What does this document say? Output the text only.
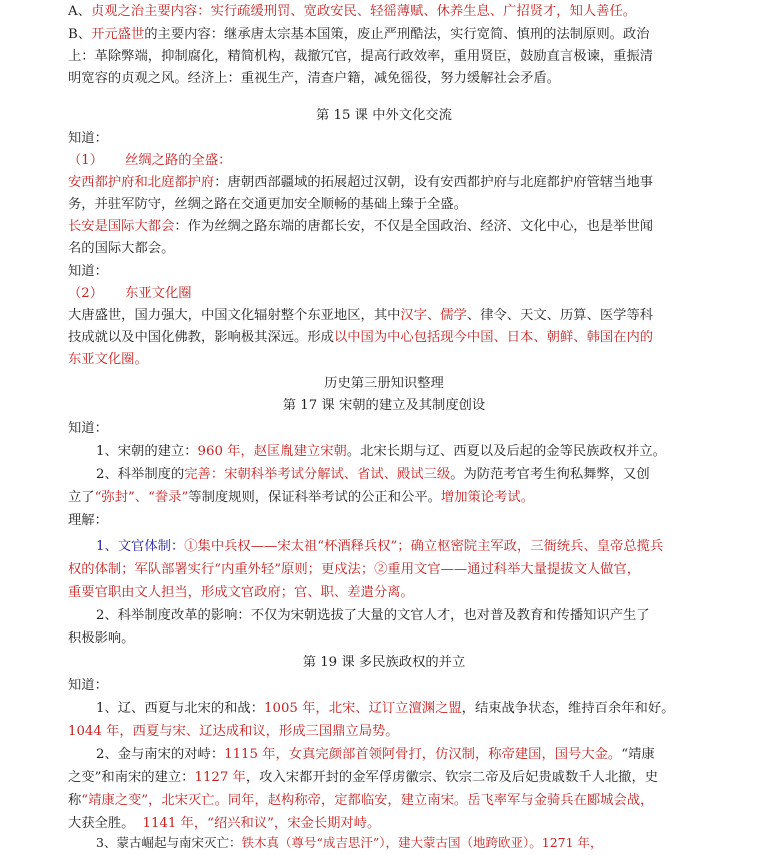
A、贞观之治主要内容：实行疏缓刑罚、宽政安民、轻徭薄赋、休养生息、广招贤才，知人善任。
B、开元盛世的主要内容：继承唐太宗基本国策，废止严刑酷法，实行宽简、慎刑的法制原则。政治
上：革除弊端，抑制腐化，精简机构，裁撤冗官，提高行政效率，重用贤臣，鼓励直言极谏，重振清
明宽容的贞观之风。经济上：重视生产，清查户籍，减免徭役，努力缓解社会矛盾。
第 15 课 中外文化交流
知道：
（1） 丝绸之路的全盛：
安西都护府和北庭都护府：唐朝西部疆域的拓展超过汉朝，设有安西都护府与北庭都护府管辖当地事
务，并驻军防守，丝绸之路在交通更加安全顺畅的基础上臻于全盛。
长安是国际大都会：作为丝绸之路东端的唐都长安，不仅是全国政治、经济、文化中心，也是举世闻
名的国际大都会。
知道：
（2） 东亚文化圈
大唐盛世，国力强大，中国文化辐射整个东亚地区，其中汉字、儒学、律令、天文、历算、医学等科
技成就以及中国化佛教，影响极其深远。形成以中国为中心包括现今中国、日本、朝鲜、韩国在内的
东亚文化圈。
历史第三册知识整理
第 17 课 宋朝的建立及其制度创设
知道：
1、宋朝的建立：960 年，赵匡胤建立宋朝。北宋长期与辽、西夏以及后起的金等民族政权并立。
2、科举制度的完善：宋朝科举考试分解试、省试、殿试三级。为防范考官考生徇私舞弊，又创
立了“弥封”、“誊录”等制度规则，保证科举考试的公正和公平。增加策论考试。
理解：
1、文官体制：①集中兵权——宋太祖“杯酒释兵权”；确立枢密院主军政，三衙统兵、皇帝总揽兵
权的体制；军队部署实行“内重外轻”原则；更戍法；②重用文官——通过科举大量提拔文人做官，
重要官职由文人担当，形成文官政府；官、职、差遣分离。
2、科举制度改革的影响：不仅为宋朝选拔了大量的文官人才，也对普及教育和传播知识产生了
积极影响。
第 19 课 多民族政权的并立
知道：
1、辽、西夏与北宋的和战：1005 年，北宋、辽订立澶渊之盟，结束战争状态，维持百余年和好。
1044 年，西夏与宋、辽达成和议，形成三国鼎立局势。
2、金与南宋的对峙：1115 年，女真完颜部首领阿骨打，仿汉制，称帝建国，国号大金。“靖康
之变”和南宋的建立：1127 年，攻入宋都开封的金军俘虏徽宗、钦宗二帝及后妃贵戚数千人北撤，史
称“靖康之变”，北宋灭亡。同年，赵构称帝，定都临安，建立南宋。岳飞率军与金骑兵在郾城会战，
大获全胜。 1141 年，“绍兴和议”，宋金长期对峙。
3、蒙古崛起与南宋灭亡：铁木真（尊号“成吉思汗”），建大蒙古国（地跨欧亚）。1271 年，
